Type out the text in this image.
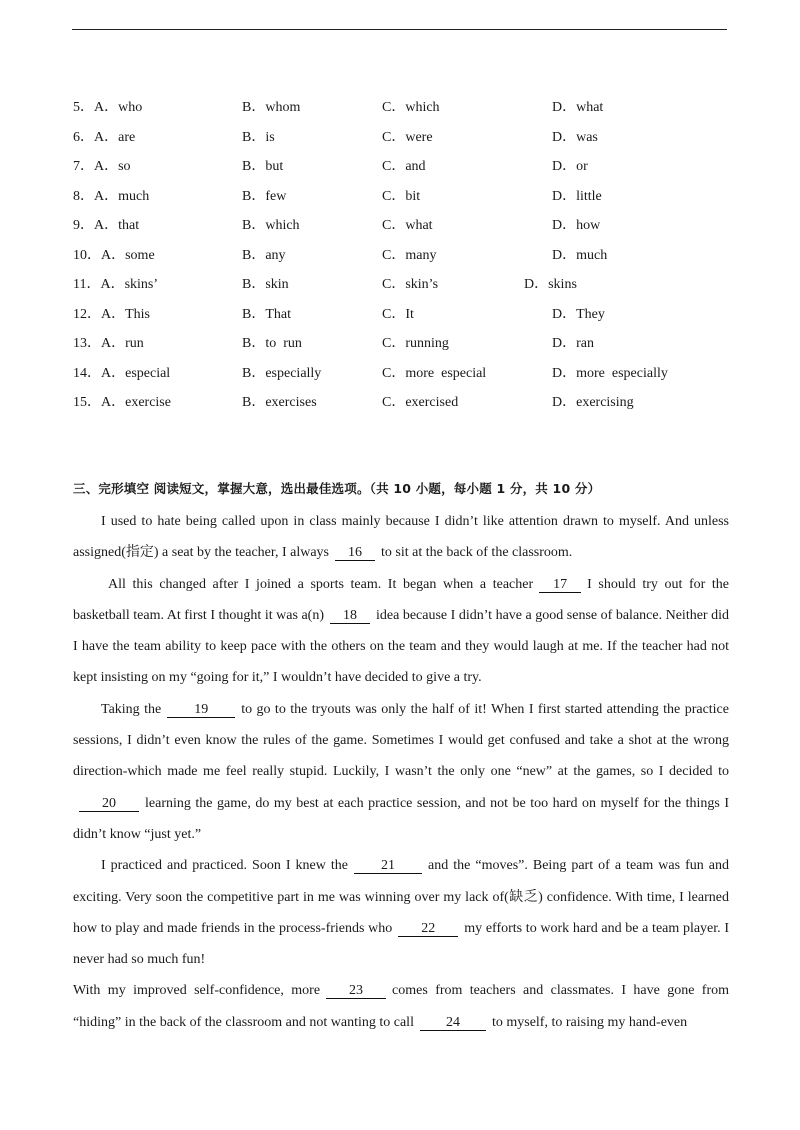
5．A．who	B．whom	C．which	D．what
6．A．are	B．is	C．were	D．was
7．A．so	B．but	C．and	D．or
8．A．much	B．few	C．bit	D．little
9．A．that	B．which	C．what	D．how
10．A．some	B．any	C．many	D．much
11．A．skins’	B．skin	C．skin’s	D．skins
12．A．This	B．That	C．It	D．They
13．A．run	B．to  run	C．running	D．ran
14．A．especial	B．especially	C．more  especial	D．more  especially
15．A．exercise	B．exercises	C．exercised	D．exercising
三、完形填空 阅读短文，掌握大意，选出最佳选项。（共 10 小题，每小题 1 分，共 10 分）

I used to hate being called upon in class mainly because I didn’t like attention drawn to myself. And unless assigned(指定) a seat by the teacher, I always 16 to sit at the back of the classroom.

All this changed after I joined a sports team. It began when a teacher 17 I should try out for the basketball team. At first I thought it was a(n) 18 idea because I didn’t have a good sense of balance. Neither did I have the team ability to keep pace with the others on the team and they would laugh at me. If the teacher had not kept insisting on my “going for it,” I wouldn’t have decided to give a try.

Taking the 19 to go to the tryouts was only the half of it! When I first started attending the practice sessions, I didn’t even know the rules of the game. Sometimes I would get confused and take a shot at the wrong direction-which made me feel really stupid. Luckily, I wasn’t the only one “new” at the games, so I decided to20 learning the game, do my best at each practice session, and not be too hard on myself for the things I didn’t know “just yet.”

I practiced and practiced. Soon I knew the 21 and the “moves”. Being part of a team was fun and exciting. Very soon the competitive part in me was winning over my lack of(缺乏) confidence. With time, I learned how to play and made friends in the process-friends who 22 my efforts to work hard and be a team player. I never had so much fun!

With my improved self-confidence, more 23 comes from teachers and classmates. I have gone from “hiding” in the back of the classroom and not wanting to call 24 to myself, to raising my hand-even
